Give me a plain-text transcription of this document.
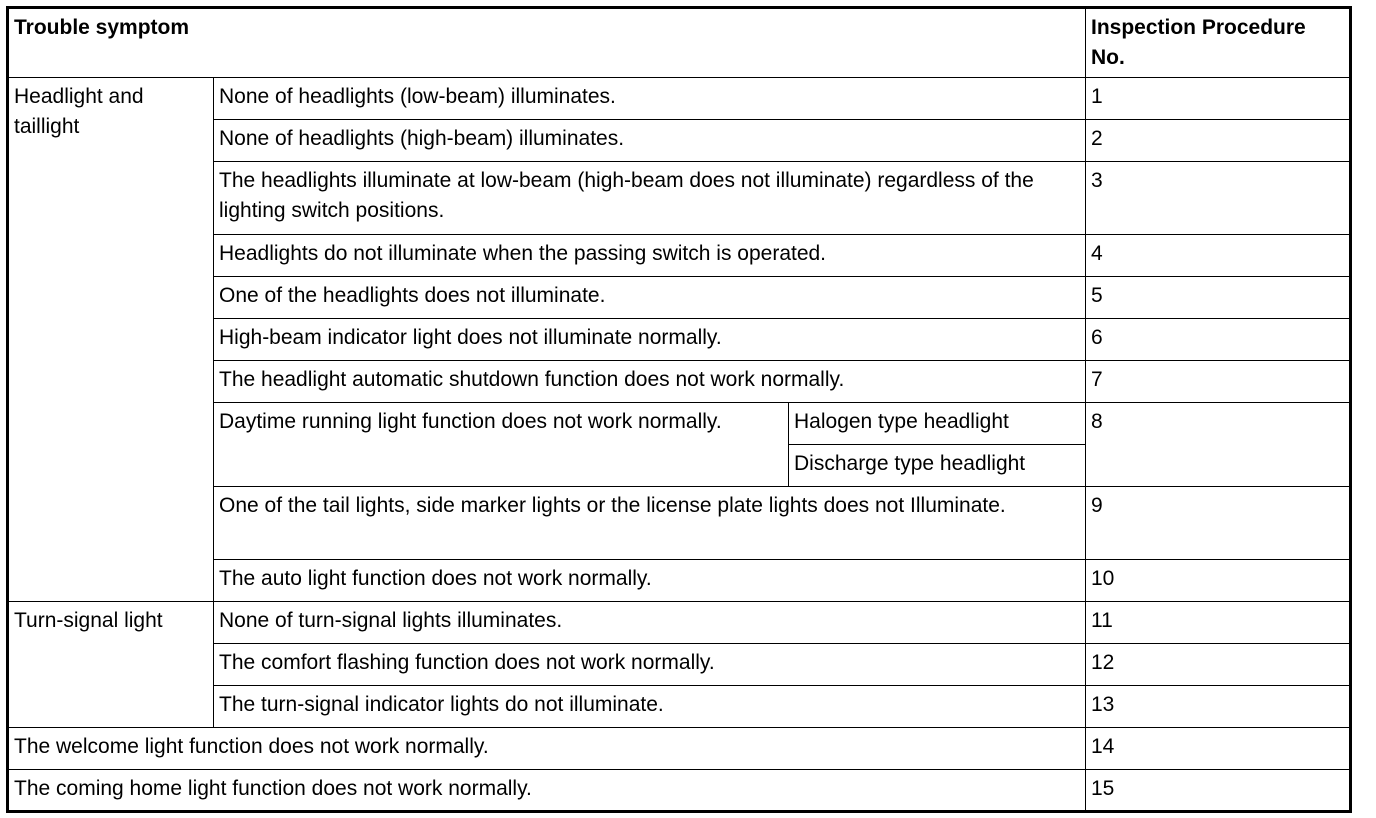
Trouble symptom			Inspection Procedure No.
Headlight and taillight	None of headlights (low-beam) illuminates.		1
	None of headlights (high-beam) illuminates.		2
	The headlights illuminate at low-beam (high-beam does not illuminate) regardless of the lighting switch positions.		3
	Headlights do not illuminate when the passing switch is operated.		4
	One of the headlights does not illuminate.		5
	High-beam indicator light does not illuminate normally.		6
	The headlight automatic shutdown function does not work normally.		7
	Daytime running light function does not work normally.	Halogen type headlight	8
		Discharge type headlight	
	One of the tail lights, side marker lights or the license plate lights does not Illuminate.		9
	The auto light function does not work normally.		10
Turn-signal light	None of turn-signal lights illuminates.		11
	The comfort flashing function does not work normally.		12
	The turn-signal indicator lights do not illuminate.		13
The welcome light function does not work normally.			14
The coming home light function does not work normally.			15
